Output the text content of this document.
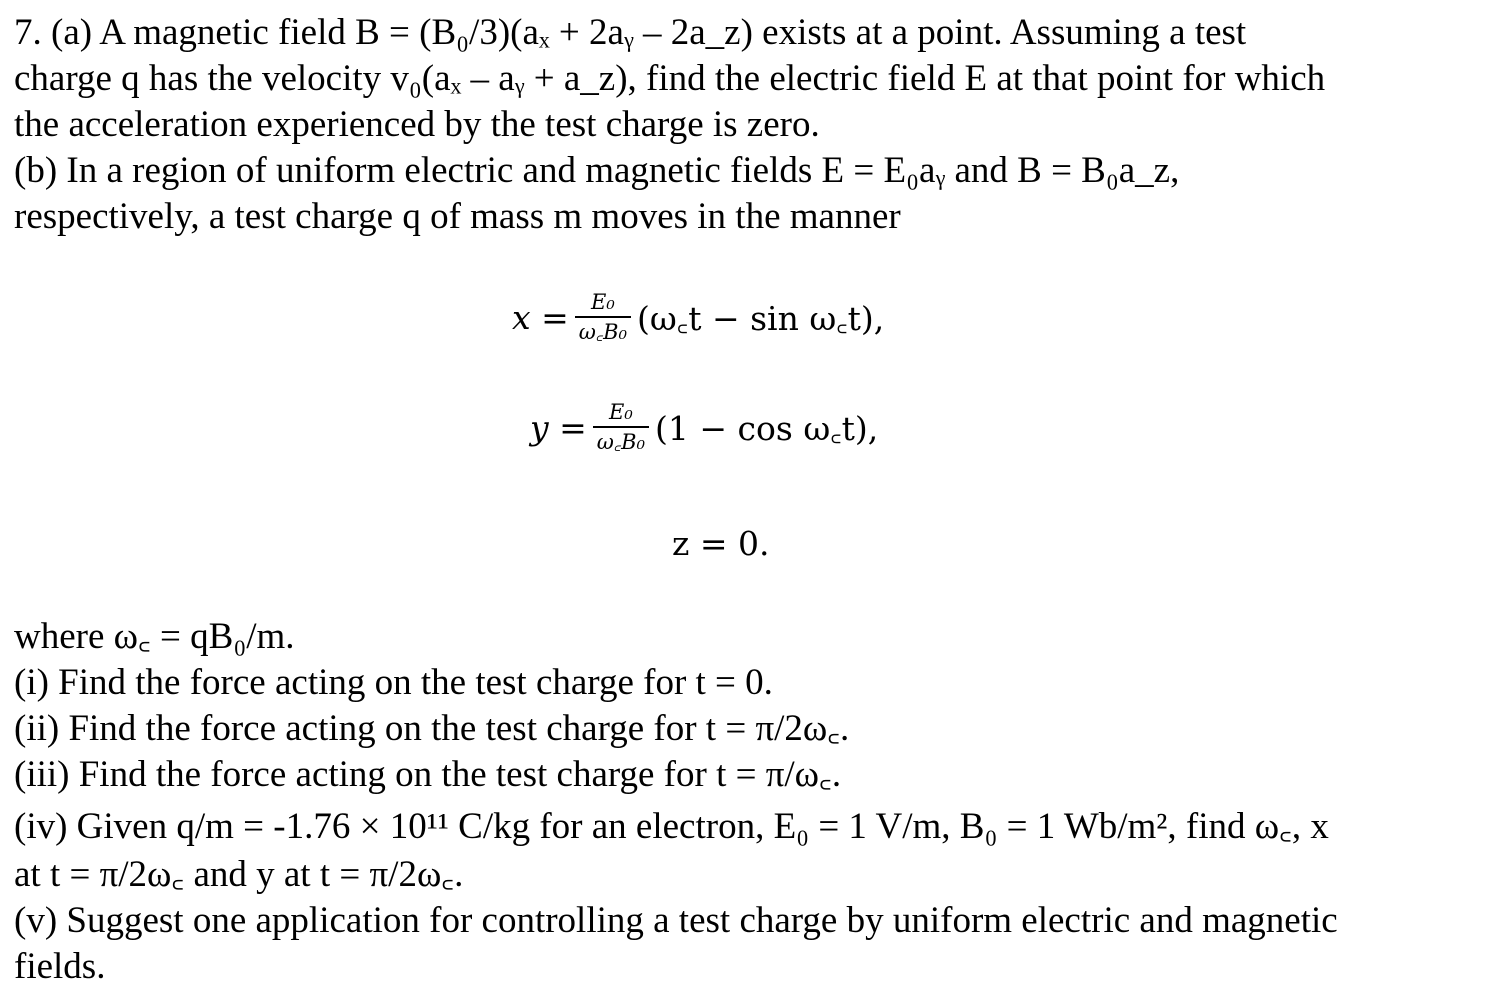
7. (a) A magnetic field B = (B₀/3)(aₓ + 2aᵧ – 2a_z) exists at a point. Assuming a test
charge q has the velocity v₀(aₓ – aᵧ + a_z), find the electric field E at that point for which
the acceleration experienced by the test charge is zero.
(b) In a region of uniform electric and magnetic fields E = E₀aᵧ and B = B₀a_z,
respectively, a test charge q of mass m moves in the manner
$x = \frac{\text{E₀}}{\text{ω꜀B₀}}$ (ω꜀t − sin ω꜀t),
$y = \frac{\text{E₀}}{\text{ω꜀B₀}} (1 - \cos$ ω꜀t),
z = 0.
where ω꜀ = qB₀/m.
(i) Find the force acting on the test charge for t = 0.
(ii) Find the force acting on the test charge for t = π/2ω꜀.
(iii) Find the force acting on the test charge for t = π/ω꜀.
(iv) Given q/m = -1.76 × 10¹¹ C/kg for an electron, E₀ = 1 V/m, B₀ = 1 Wb/m², find ω꜀, x
at t = π/2ω꜀ and y at t = π/2ω꜀.
(v) Suggest one application for controlling a test charge by uniform electric and magnetic
fields.
